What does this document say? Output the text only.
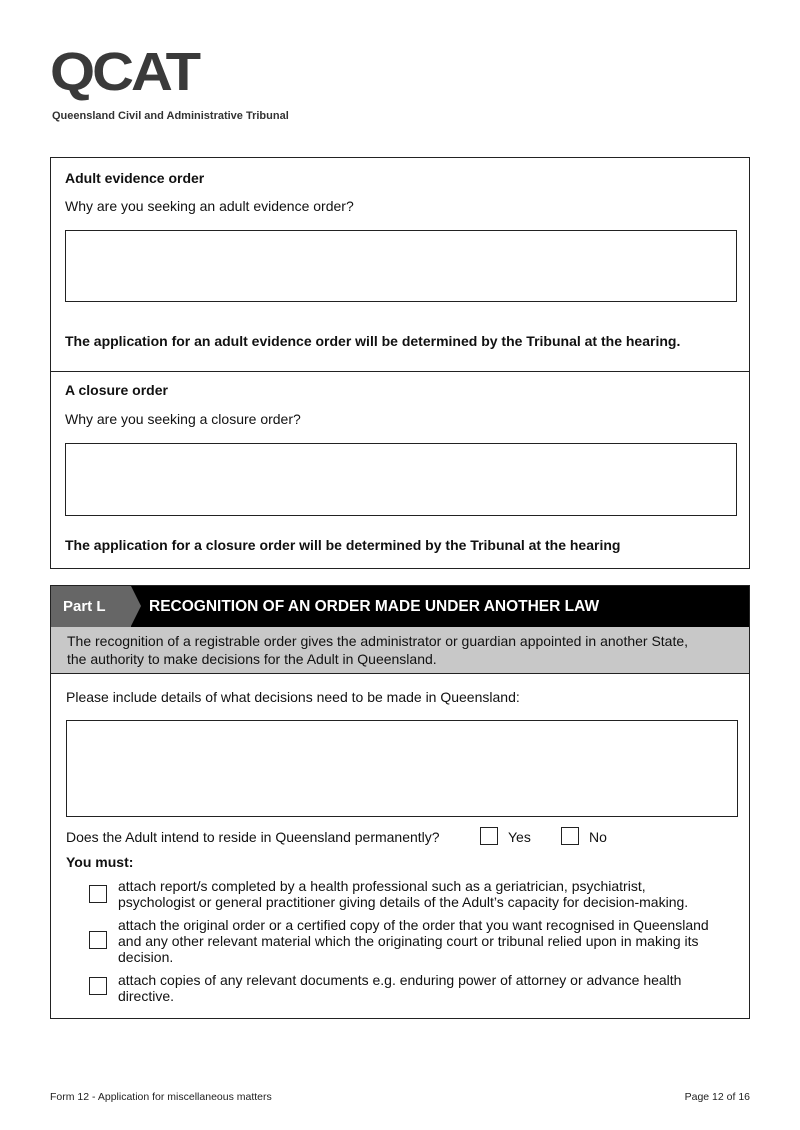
QCAT
Queensland Civil and Administrative Tribunal
Adult evidence order
Why are you seeking an adult evidence order?
The application for an adult evidence order will be determined by the Tribunal at the hearing.
A closure order
Why are you seeking a closure order?
The application for a closure order will be determined by the Tribunal at the hearing
Part L	RECOGNITION OF AN ORDER MADE UNDER ANOTHER LAW
The recognition of a registrable order gives the administrator or guardian appointed in another State,
the authority to make decisions for the Adult in Queensland.
Please include details of what decisions need to be made in Queensland:
Does the Adult intend to reside in Queensland permanently?	Yes	No
You must:
attach report/s completed by a health professional such as a geriatrician, psychiatrist, psychologist or general practitioner giving details of the Adult’s capacity for decision-making.
attach the original order or a certified copy of the order that you want recognised in Queensland and any other relevant material which the originating court or tribunal relied upon in making its decision.
attach copies of any relevant documents e.g. enduring power of attorney or advance health directive.
Form 12 - Application for miscellaneous matters	Page 12 of 16
